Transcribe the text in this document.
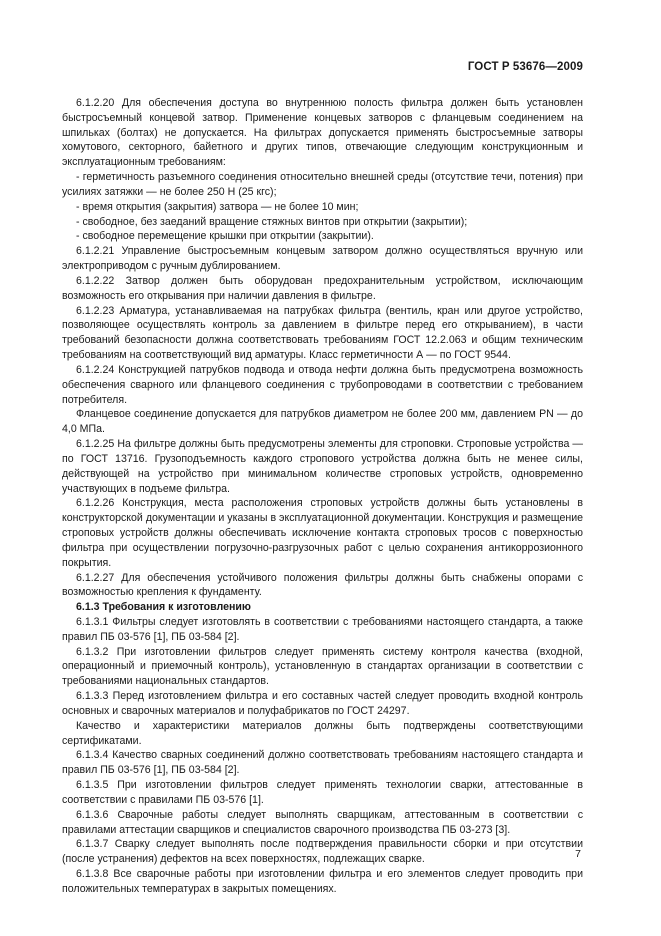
ГОСТ Р 53676—2009

6.1.2.20 Для обеспечения доступа во внутреннюю полость фильтра должен быть установлен быстросъемный концевой затвор. Применение концевых затворов с фланцевым соединением на шпильках (болтах) не допускается. На фильтрах допускается применять быстросъемные затворы хомутового, секторного, байетного и других типов, отвечающие следующим конструкционным и эксплуатационным требованиям:

- герметичность разъемного соединения относительно внешней среды (отсутствие течи, потения) при усилиях затяжки — не более 250 Н (25 кгс);

- время открытия (закрытия) затвора — не более 10 мин;

- свободное, без заеданий вращение стяжных винтов при открытии (закрытии);

- свободное перемещение крышки при открытии (закрытии).

6.1.2.21 Управление быстросъемным концевым затвором должно осуществляться вручную или электроприводом с ручным дублированием.

6.1.2.22 Затвор должен быть оборудован предохранительным устройством, исключающим возможность его открывания при наличии давления в фильтре.

6.1.2.23 Арматура, устанавливаемая на патрубках фильтра (вентиль, кран или другое устройство, позволяющее осуществлять контроль за давлением в фильтре перед его открыванием), в части требований безопасности должна соответствовать требованиям ГОСТ 12.2.063 и общим техническим требованиям на соответствующий вид арматуры. Класс герметичности А — по ГОСТ 9544.

6.1.2.24 Конструкцией патрубков подвода и отвода нефти должна быть предусмотрена возможность обеспечения сварного или фланцевого соединения с трубопроводами в соответствии с требованием потребителя.

Фланцевое соединение допускается для патрубков диаметром не более 200 мм, давлением PN — до 4,0 МПа.

6.1.2.25 На фильтре должны быть предусмотрены элементы для строповки. Строповые устройства — по ГОСТ 13716. Грузоподъемность каждого стропового устройства должна быть не менее силы, действующей на устройство при минимальном количестве строповых устройств, одновременно участвующих в подъеме фильтра.

6.1.2.26 Конструкция, места расположения строповых устройств должны быть установлены в конструкторской документации и указаны в эксплуатационной документации. Конструкция и размещение строповых устройств должны обеспечивать исключение контакта строповых тросов с поверхностью фильтра при осуществлении погрузочно-разгрузочных работ с целью сохранения антикоррозионного покрытия.

6.1.2.27 Для обеспечения устойчивого положения фильтры должны быть снабжены опорами с возможностью крепления к фундаменту.

6.1.3 Требования к изготовлению

6.1.3.1 Фильтры следует изготовлять в соответствии с требованиями настоящего стандарта, а также правил ПБ 03-576 [1], ПБ 03-584 [2].

6.1.3.2 При изготовлении фильтров следует применять систему контроля качества (входной, операционный и приемочный контроль), установленную в стандартах организации в соответствии с требованиями национальных стандартов.

6.1.3.3 Перед изготовлением фильтра и его составных частей следует проводить входной контроль основных и сварочных материалов и полуфабрикатов по ГОСТ 24297.

Качество и характеристики материалов должны быть подтверждены соответствующими сертификатами.

6.1.3.4 Качество сварных соединений должно соответствовать требованиям настоящего стандарта и правил ПБ 03-576 [1], ПБ 03-584 [2].

6.1.3.5 При изготовлении фильтров следует применять технологии сварки, аттестованные в соответствии с правилами ПБ 03-576 [1].

6.1.3.6 Сварочные работы следует выполнять сварщикам, аттестованным в соответствии с правилами аттестации сварщиков и специалистов сварочного производства ПБ 03-273 [3].

6.1.3.7 Сварку следует выполнять после подтверждения правильности сборки и при отсутствии (после устранения) дефектов на всех поверхностях, подлежащих сварке.

6.1.3.8 Все сварочные работы при изготовлении фильтра и его элементов следует проводить при положительных температурах в закрытых помещениях.

7
